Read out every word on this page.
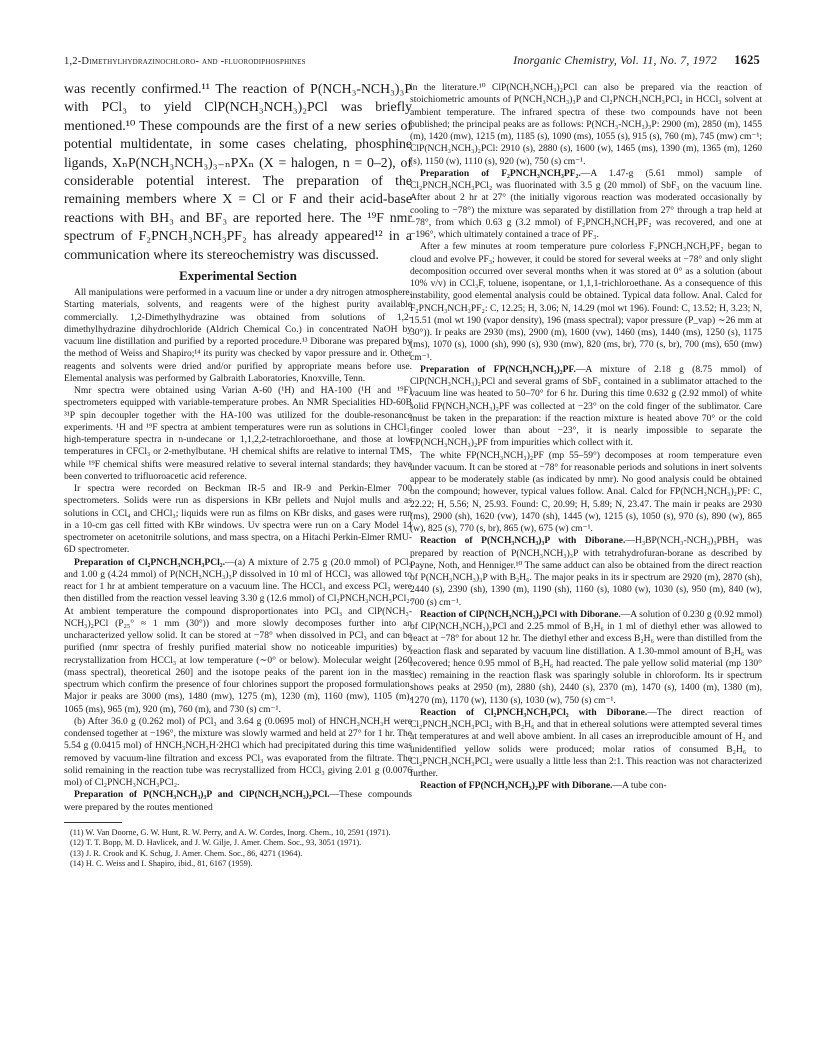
1,2-Dimethylhydrazinochloro- and -fluorodiphosphines	Inorganic Chemistry, Vol. 11, No. 7, 1972 1625

was recently confirmed.¹¹ The reaction of P(NCH₃-NCH₃)₃P with PCl₃ to yield ClP(NCH₃NCH₃)₂PCl was briefly mentioned.¹⁰ These compounds are the first of a new series of potential multidentate, in some cases chelating, phosphine ligands, XₙP(NCH₃NCH₃)₃₋ₙPXₙ (X = halogen, n = 0–2), of considerable potential interest. The preparation of the remaining members where X = Cl or F and their acid-base reactions with BH₃ and BF₃ are reported here. The ¹⁹F nmr spectrum of F₂PNCH₃NCH₃PF₂ has already appeared¹² in a communication where its stereochemistry was discussed.

Experimental Section

All manipulations were performed in a vacuum line or under a dry nitrogen atmosphere. Starting materials, solvents, and reagents were of the highest purity available commercially. 1,2-Dimethylhydrazine was obtained from solutions of 1,2-dimethylhydrazine dihydrochloride (Aldrich Chemical Co.) in concentrated NaOH by vacuum line distillation and purified by a reported procedure.¹³ Diborane was prepared by the method of Weiss and Shapiro;¹⁴ its purity was checked by vapor pressure and ir. Other reagents and solvents were dried and/or purified by appropriate means before use. Elemental analysis was performed by Galbraith Laboratories, Knoxville, Tenn.

Nmr spectra were obtained using Varian A-60 (¹H) and HA-100 (¹H and ¹⁹F) spectrometers equipped with variable-temperature probes. An NMR Specialities HD-60B ³¹P spin decoupler together with the HA-100 was utilized for the double-resonance experiments. ¹H and ¹⁹F spectra at ambient temperatures were run as solutions in CHCl₃, high-temperature spectra in n-undecane or 1,1,2,2-tetrachloroethane, and those at low temperatures in CFCl₃ or 2-methylbutane. ¹H chemical shifts are relative to internal TMS, while ¹⁹F chemical shifts were measured relative to several internal standards; they have been converted to trifluoroacetic acid reference.

Ir spectra were recorded on Beckman IR-5 and IR-9 and Perkin-Elmer 700 spectrometers. Solids were run as dispersions in KBr pellets and Nujol mulls and as solutions in CCl₄ and CHCl₃; liquids were run as films on KBr disks, and gases were run in a 10-cm gas cell fitted with KBr windows. Uv spectra were run on a Cary Model 14 spectrometer on acetonitrile solutions, and mass spectra, on a Hitachi Perkin-Elmer RMU-6D spectrometer.

Preparation of Cl₂PNCH₃NCH₃PCl₂.—(a) A mixture of 2.75 g (20.0 mmol) of PCl₃ and 1.00 g (4.24 mmol) of P(NCH₃NCH₃)₃P dissolved in 10 ml of HCCl₃ was allowed to react for 1 hr at ambient temperature on a vacuum line. The HCCl₃ and excess PCl₃ were then distilled from the reaction vessel leaving 3.30 g (12.6 mmol) of Cl₂PNCH₃NCH₃PCl₂. At ambient temperature the compound disproportionates into PCl₃ and ClP(NCH₃-NCH₃)₂PCl (P₂₅° ≈ 1 mm (30°)) and more slowly decomposes further into an uncharacterized yellow solid. It can be stored at −78° when dissolved in PCl₃ and can be purified (nmr spectra of freshly purified material show no noticeable impurities) by recrystallization from HCCl₃ at low temperature (∼0° or below). Molecular weight [260 (mass spectral), theoretical 260] and the isotope peaks of the parent ion in the mass spectrum which confirm the presence of four chlorines support the proposed formulation. Major ir peaks are 3000 (ms), 1480 (mw), 1275 (m), 1230 (m), 1160 (mw), 1105 (m), 1065 (ms), 965 (m), 920 (m), 760 (m), and 730 (s) cm⁻¹.

(b) After 36.0 g (0.262 mol) of PCl₃ and 3.64 g (0.0695 mol) of HNCH₃NCH₃H were condensed together at −196°, the mixture was slowly warmed and held at 27° for 1 hr. The 5.54 g (0.0415 mol) of HNCH₃NCH₃H·2HCl which had precipitated during this time was removed by vacuum-line filtration and excess PCl₃ was evaporated from the filtrate. The solid remaining in the reaction tube was recrystallized from HCCl₃ giving 2.01 g (0.0076 mol) of Cl₂PNCH₃NCH₃PCl₂.

Preparation of P(NCH₃NCH₃)₃P and ClP(NCH₃NCH₃)₂PCl.—These compounds were prepared by the routes mentioned

(11) W. Van Doorne, G. W. Hunt, R. W. Perry, and A. W. Cordes, Inorg. Chem., 10, 2591 (1971).

(12) T. T. Bopp, M. D. Havlicek, and J. W. Gilje, J. Amer. Chem. Soc., 93, 3051 (1971).

(13) J. R. Crook and K. Schug, J. Amer. Chem. Soc., 86, 4271 (1964).

(14) H. C. Weiss and I. Shapiro, ibid., 81, 6167 (1959).

in the literature.¹⁰ ClP(NCH₃NCH₃)₂PCl can also be prepared via the reaction of stoichiometric amounts of P(NCH₃NCH₃)₃P and Cl₂PNCH₃NCH₃PCl₂ in HCCl₃ solvent at ambient temperature. The infrared spectra of these two compounds have not been published; the principal peaks are as follows: P(NCH₃-NCH₃)₃P: 2900 (m), 2850 (m), 1455 (m), 1420 (mw), 1215 (m), 1185 (s), 1090 (ms), 1055 (s), 915 (s), 760 (m), 745 (mw) cm⁻¹; ClP(NCH₃NCH₃)₂PCl: 2910 (s), 2880 (s), 1600 (w), 1465 (ms), 1390 (m), 1365 (m), 1260 (s), 1150 (w), 1110 (s), 920 (w), 750 (s) cm⁻¹.

Preparation of F₂PNCH₃NCH₃PF₂.—A 1.47-g (5.61 mmol) sample of Cl₂PNCH₃NCH₃PCl₂ was fluorinated with 3.5 g (20 mmol) of SbF₃ on the vacuum line. After about 2 hr at 27° (the initially vigorous reaction was moderated occasionally by cooling to −78°) the mixture was separated by distillation from 27° through a trap held at −78°, from which 0.63 g (3.2 mmol) of F₂PNCH₃NCH₃PF₂ was recovered, and one at −196°, which ultimately contained a trace of PF₃.

After a few minutes at room temperature pure colorless F₂PNCH₃NCH₃PF₂ began to cloud and evolve PF₃; however, it could be stored for several weeks at −78° and only slight decomposition occurred over several months when it was stored at 0° as a solution (about 10% v/v) in CCl₃F, toluene, isopentane, or 1,1,1-trichloroethane. As a consequence of this instability, good elemental analysis could be obtained. Typical data follow. Anal. Calcd for F₂PNCH₃NCH₃PF₂: C, 12.25; H, 3.06; N, 14.29 (mol wt 196). Found: C, 13.52; H, 3.23; N, 15.51 (mol wt 190 (vapor density), 196 (mass spectral); vapor pressure (P_vap) ∼26 mm at 30°)). Ir peaks are 2930 (ms), 2900 (m), 1600 (vw), 1460 (ms), 1440 (ms), 1250 (s), 1175 (ms), 1070 (s), 1000 (sh), 990 (s), 930 (mw), 820 (ms, br), 770 (s, br), 700 (ms), 650 (mw) cm⁻¹.

Preparation of FP(NCH₃NCH₃)₂PF.—A mixture of 2.18 g (8.75 mmol) of ClP(NCH₃NCH₃)₂PCl and several grams of SbF₃ contained in a sublimator attached to the vacuum line was heated to 50–70° for 6 hr. During this time 0.632 g (2.92 mmol) of white solid FP(NCH₃NCH₃)₂PF was collected at −23° on the cold finger of the sublimator. Care must be taken in the preparation: if the reaction mixture is heated above 70° or the cold finger cooled lower than about −23°, it is nearly impossible to separate the FP(NCH₃NCH₃)₂PF from impurities which collect with it.

The white FP(NCH₃NCH₃)₂PF (mp 55–59°) decomposes at room temperature even under vacuum. It can be stored at −78° for reasonable periods and solutions in inert solvents appear to be moderately stable (as indicated by nmr). No good analysis could be obtained on the compound; however, typical values follow. Anal. Calcd for FP(NCH₃NCH₃)₂PF: C, 22.22; H, 5.56; N, 25.93. Found: C, 20.99; H, 5.89; N, 23.47. The main ir peaks are 2930 (ms), 2900 (sh), 1620 (vw), 1470 (sh), 1445 (w), 1215 (s), 1050 (s), 970 (s), 890 (w), 865 (w), 825 (s), 770 (s, br), 865 (w), 675 (w) cm⁻¹.

Reaction of P(NCH₃NCH₃)₃P with Diborane.—H₃BP(NCH₃-NCH₃)₃PBH₃ was prepared by reaction of P(NCH₃NCH₃)₃P with tetrahydrofuran-borane as described by Payne, Noth, and Henniger.¹⁰ The same adduct can also be obtained from the direct reaction of P(NCH₃NCH₃)₃P with B₂H₆. The major peaks in its ir spectrum are 2920 (m), 2870 (sh), 2440 (s), 2390 (sh), 1390 (m), 1190 (sh), 1160 (s), 1080 (w), 1030 (s), 950 (m), 840 (w), 700 (s) cm⁻¹.

Reaction of ClP(NCH₃NCH₃)₂PCl with Diborane.—A solution of 0.230 g (0.92 mmol) of ClP(NCH₃NCH₃)₂PCl and 2.25 mmol of B₂H₆ in 1 ml of diethyl ether was allowed to react at −78° for about 12 hr. The diethyl ether and excess B₂H₆ were than distilled from the reaction flask and separated by vacuum line distillation. A 1.30-mmol amount of B₂H₆ was recovered; hence 0.95 mmol of B₂H₆ had reacted. The pale yellow solid material (mp 130° dec) remaining in the reaction flask was sparingly soluble in chloroform. Its ir spectrum shows peaks at 2950 (m), 2880 (sh), 2440 (s), 2370 (m), 1470 (s), 1400 (m), 1380 (m), 1270 (m), 1170 (w), 1130 (s), 1030 (w), 750 (s) cm⁻¹.

Reaction of Cl₂PNCH₃NCH₃PCl₂ with Diborane.—The direct reaction of Cl₂PNCH₃NCH₃PCl₂ with B₂H₆ and that in ethereal solutions were attempted several times at temperatures at and well above ambient. In all cases an irreproducible amount of H₂ and unidentified yellow solids were produced; molar ratios of consumed B₂H₆ to Cl₂PNCH₃NCH₃PCl₂ were usually a little less than 2:1. This reaction was not characterized further.

Reaction of FP(NCH₃NCH₃)₂PF with Diborane.—A tube con-
